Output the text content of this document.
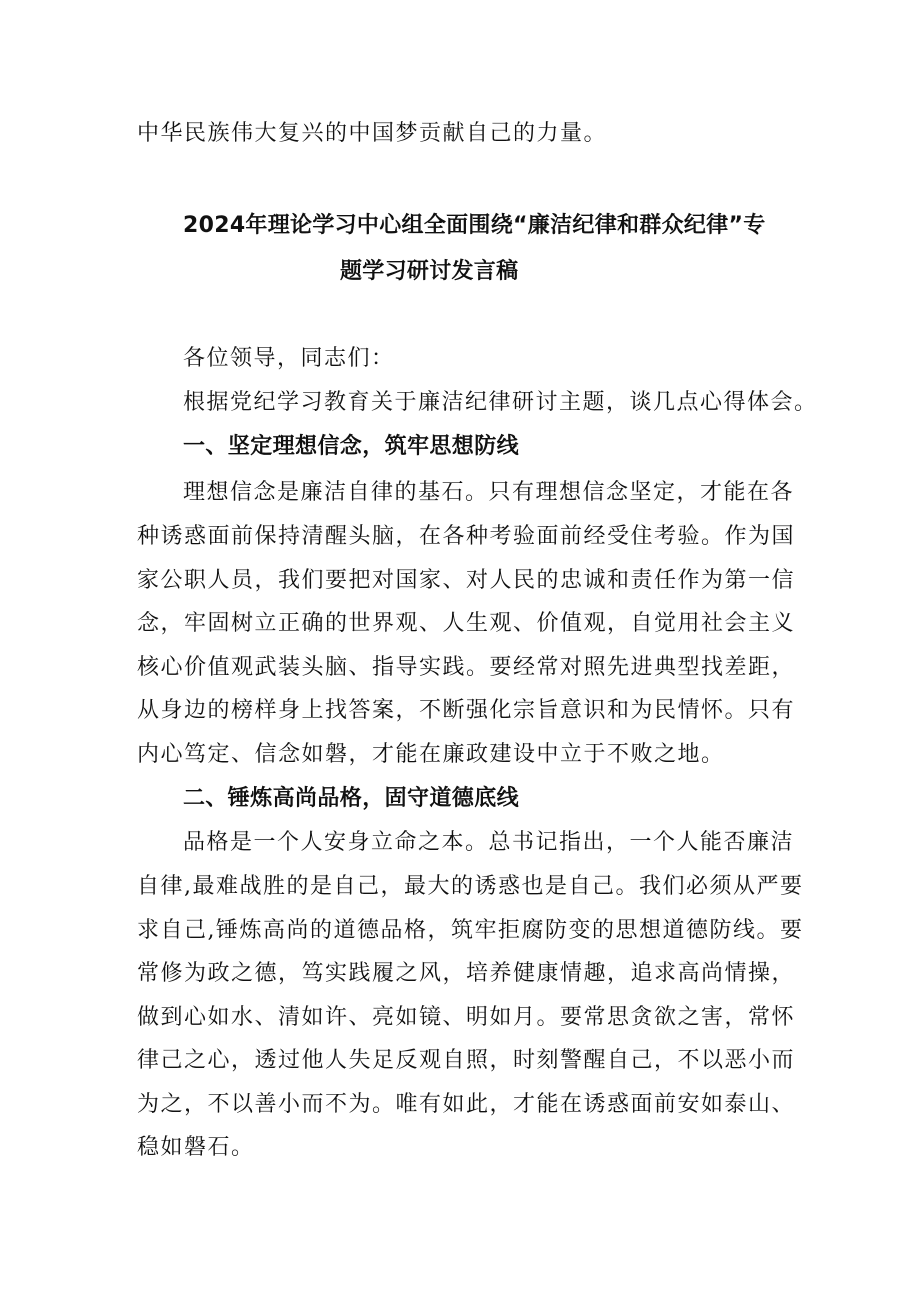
中华民族伟大复兴的中国梦贡献自己的力量。
2024年理论学习中心组全面围绕“廉洁纪律和群众纪律”专
题学习研讨发言稿
各位领导，同志们：
根据党纪学习教育关于廉洁纪律研讨主题，谈几点心得体会。
一、坚定理想信念，筑牢思想防线
理想信念是廉洁自律的基石。只有理想信念坚定，才能在各
种诱惑面前保持清醒头脑，在各种考验面前经受住考验。作为国
家公职人员，我们要把对国家、对人民的忠诚和责任作为第一信
念，牢固树立正确的世界观、人生观、价值观，自觉用社会主义
核心价值观武装头脑、指导实践。要经常对照先进典型找差距，
从身边的榜样身上找答案，不断强化宗旨意识和为民情怀。只有
内心笃定、信念如磐，才能在廉政建设中立于不败之地。
二、锤炼高尚品格，固守道德底线
品格是一个人安身立命之本。总书记指出，一个人能否廉洁
自律,最难战胜的是自己，最大的诱惑也是自己。我们必须从严要
求自己,锤炼高尚的道德品格，筑牢拒腐防变的思想道德防线。要
常修为政之德，笃实践履之风，培养健康情趣，追求高尚情操，
做到心如水、清如许、亮如镜、明如月。要常思贪欲之害，常怀
律己之心，透过他人失足反观自照，时刻警醒自己，不以恶小而
为之，不以善小而不为。唯有如此，才能在诱惑面前安如泰山、
稳如磐石。
